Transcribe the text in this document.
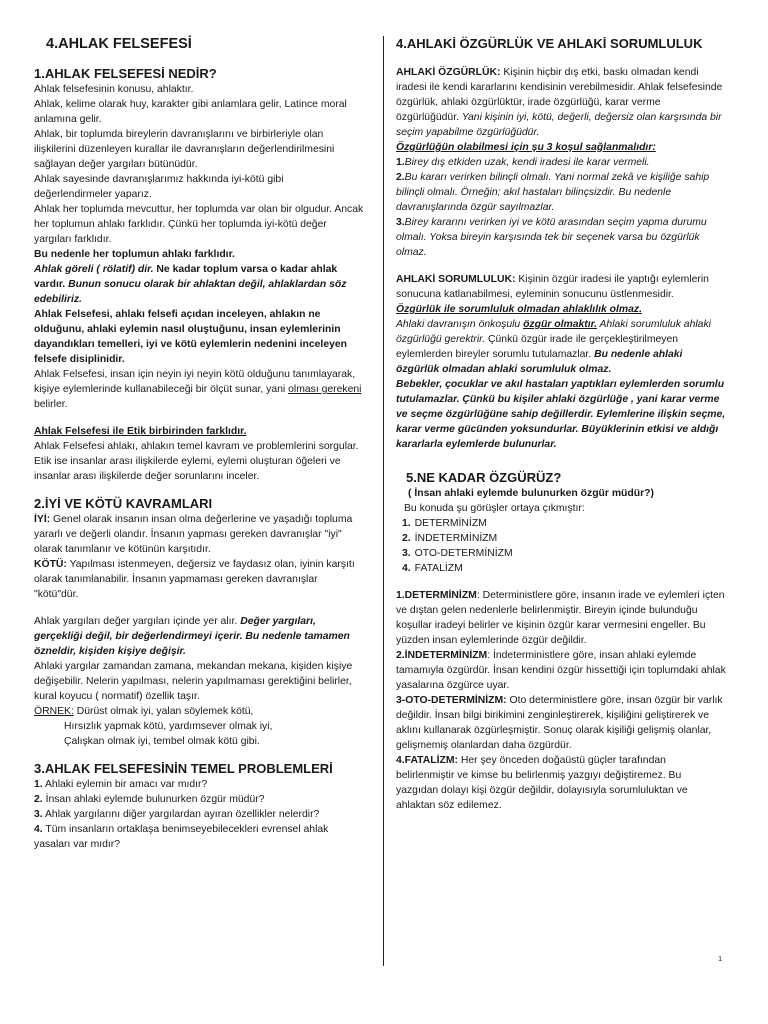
4.AHLAK FELSEFESİ
1.AHLAK FELSEFESİ NEDİR?

Ahlak felsefesinin konusu, ahlaktır.

Ahlak, kelime olarak huy, karakter gibi anlamlara gelir, Latince moral anlamına gelir.

Ahlak, bir toplumda bireylerin davranışlarını ve birbirleriyle olan ilişkilerini düzenleyen kurallar ile davranışların değerlendirilmesini sağlayan değer yargıları bütünüdür.

Ahlak sayesinde davranışlarımız hakkında iyi-kötü gibi değerlendirmeler yaparız.

Ahlak her toplumda mevcuttur, her toplumda var olan bir olgudur. Ancak her toplumun ahlakı farklıdır. Çünkü her toplumda iyi-kötü değer yargıları farklıdır.

Bu nedenle her toplumun ahlakı farklıdır.

Ahlak göreli ( rölatif) dir. Ne kadar toplum varsa o kadar ahlak vardır. Bunun sonucu olarak bir ahlaktan değil, ahlaklardan söz edebiliriz.

Ahlak Felsefesi, ahlakı felsefi açıdan inceleyen, ahlakın ne olduğunu, ahlaki eylemin nasıl oluştuğunu, insan eylemlerinin dayandıkları temelleri, iyi ve kötü eylemlerin nedenini inceleyen felsefe disiplinidir.

Ahlak Felsefesi, insan için neyin iyi neyin kötü olduğunu tanımlayarak, kişiye eylemlerinde kullanabileceği bir ölçüt sunar, yani olması gerekeni belirler.

Ahlak Felsefesi ile Etik birbirinden farklıdır.

Ahlak Felsefesi ahlakı, ahlakın temel kavram ve problemlerini sorgular. Etik ise insanlar arası ilişkilerde eylemi, eylemi oluşturan öğeleri ve insanlar arası ilişkilerde değer sorunlarını inceler.

2.İYİ VE KÖTÜ KAVRAMLARI

İYİ: Genel olarak insanın insan olma değerlerine ve yaşadığı topluma yararlı ve değerli olandır. İnsanın yapması gereken davranışlar "iyi" olarak tanımlanır ve kötünün karşıtıdır.

KÖTÜ: Yapılması istenmeyen, değersiz ve faydasız olan, iyinin karşıtı olarak tanımlanabilir. İnsanın yapmaması gereken davranışlar "kötü"dür.

Ahlak yargıları değer yargıları içinde yer alır. Değer yargıları, gerçekliği değil, bir değerlendirmeyi içerir. Bu nedenle tamamen özneldir, kişiden kişiye değişir.

Ahlaki yargılar zamandan zamana, mekandan mekana, kişiden kişiye değişebilir. Nelerin yapılması, nelerin yapılmaması gerektiğini belirler, kural koyucu ( normatif) özellik taşır.

ÖRNEK: Dürüst olmak iyi, yalan söylemek kötü,

Hırsızlık yapmak kötü, yardımsever olmak iyi,

Çalışkan olmak iyi, tembel olmak kötü gibi.

3.AHLAK FELSEFESİNİN TEMEL PROBLEMLERİ

1. Ahlaki eylemin bir amacı var mıdır?

2. İnsan ahlaki eylemde bulunurken özgür müdür?

3. Ahlak yargılarını diğer yargılardan ayıran özellikler nelerdir?

4. Tüm insanların ortaklaşa benimseyebilecekleri evrensel ahlak yasaları var mıdır?

4.AHLAKİ ÖZGÜRLÜK VE AHLAKİ SORUMLULUK

AHLAKİ ÖZGÜRLÜK: Kişinin hiçbir dış etki, baskı olmadan kendi iradesi ile kendi kararlarını kendisinin verebilmesidir. Ahlak felsefesinde özgürlük, ahlaki özgürlüktür, irade özgürlüğü, karar verme özgürlüğüdür. Yani kişinin iyi, kötü, değerli, değersiz olan karşısında bir seçim yapabilme özgürlüğüdür.

Özgürlüğün olabilmesi için şu 3 koşul sağlanmalıdır:

1.Birey dış etkiden uzak, kendi iradesi ile karar vermeli.

2.Bu kararı verirken bilinçli olmalı. Yani normal zekâ ve kişiliğe sahip bilinçli olmalı. Örneğin; akıl hastaları bilinçsizdir. Bu nedenle davranışlarında özgür sayılmazlar.

3.Birey kararını verirken iyi ve kötü arasından seçim yapma durumu olmalı. Yoksa bireyin karşısında tek bir seçenek varsa bu özgürlük olmaz.

AHLAKİ SORUMLULUK: Kişinin özgür iradesi ile yaptığı eylemlerin sonucuna katlanabilmesi, eyleminin sonucunu üstlenmesidir.

Özgürlük ile sorumluluk olmadan ahlaklılık olmaz.

Ahlaki davranışın önkoşulu özgür olmaktır. Ahlaki sorumluluk ahlaki özgürlüğü gerektrir. Çünkü özgür irade ile gerçekleştirilmeyen eylemlerden bireyler sorumlu tutulamazlar. Bu nedenle ahlaki özgürlük olmadan ahlaki sorumluluk olmaz.

Bebekler, çocuklar ve akıl hastaları yaptıkları eylemlerden sorumlu tutulamazlar. Çünkü bu kişiler ahlaki özgürlüğe , yani karar verme ve seçme özgürlüğüne sahip değillerdir. Eylemlerine ilişkin seçme, karar verme gücünden yoksundurlar. Büyüklerinin etkisi ve aldığı kararlarla eylemlerde bulunurlar.

5.NE KADAR ÖZGÜRÜZ?

( İnsan ahlaki eylemde bulunurken özgür müdür?)

Bu konuda şu görüşler ortaya çıkmıştır:

1. DETERMİNİZM

2. İNDETERMİNİZM

3. OTO-DETERMİNİZM

4. FATALİZM

1.DETERMİNİZM: Deterministlere göre, insanın irade ve eylemleri içten ve dıştan gelen nedenlerle belirlenmiştir. Bireyin içinde bulunduğu koşullar iradeyi belirler ve kişinin özgür karar vermesini engeller. Bu yüzden insan eylemlerinde özgür değildir.

2.İNDETERMİNİZM: İndeterministlere göre, insan ahlaki eylemde tamamıyla özgürdür. İnsan kendini özgür hissettiği için toplumdaki ahlak yasalarına özgürce uyar.

3-OTO-DETERMİNİZM: Oto deterministlere göre, insan özgür bir varlık değildir. İnsan bilgi birikimini zenginleştirerek, kişiliğini geliştirerek ve aklını kullanarak özgürleşmiştir. Sonuç olarak kişiliği gelişmiş olanlar, gelişmemiş olanlardan daha özgürdür.

4.FATALİZM: Her şey önceden doğaüstü güçler tarafından belirlenmiştir ve kimse bu belirlenmiş yazgıyı değiştiremez. Bu yazgıdan dolayı kişi özgür değildir, dolayısıyla sorumluluktan ve ahlaktan söz edilemez.

1
